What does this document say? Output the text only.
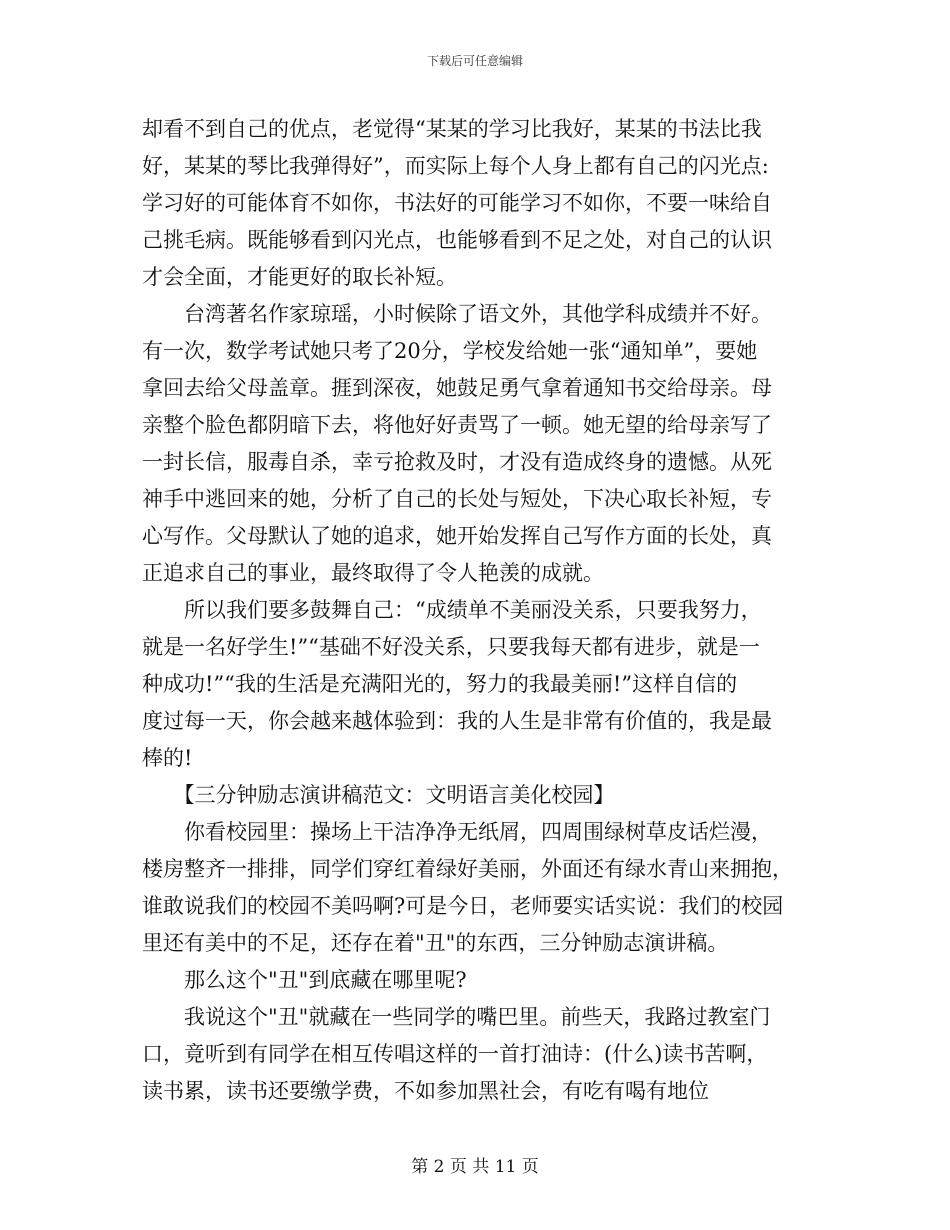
下载后可任意编辑
却看不到自己的优点，老觉得“某某的学习比我好，某某的书法比我
好，某某的琴比我弹得好”，而实际上每个人身上都有自己的闪光点:
学习好的可能体育不如你，书法好的可能学习不如你，不要一味给自
己挑毛病。既能够看到闪光点，也能够看到不足之处，对自己的认识
才会全面，才能更好的取长补短。
　　台湾著名作家琼瑶，小时候除了语文外，其他学科成绩并不好。
有一次，数学考试她只考了20分，学校发给她一张“通知单”，要她
拿回去给父母盖章。捱到深夜，她鼓足勇气拿着通知书交给母亲。母
亲整个脸色都阴暗下去，将他好好责骂了一顿。她无望的给母亲写了
一封长信，服毒自杀，幸亏抢救及时，才没有造成终身的遗憾。从死
神手中逃回来的她，分析了自己的长处与短处，下决心取长补短，专
心写作。父母默认了她的追求，她开始发挥自己写作方面的长处，真
正追求自己的事业，最终取得了令人艳羡的成就。
　　所以我们要多鼓舞自己：“成绩单不美丽没关系，只要我努力，
就是一名好学生!”“基础不好没关系，只要我每天都有进步，就是一
种成功!”“我的生活是充满阳光的，努力的我最美丽!”这样自信的
度过每一天，你会越来越体验到：我的人生是非常有价值的，我是最
棒的!
　　【三分钟励志演讲稿范文：文明语言美化校园】
　　你看校园里：操场上干洁净净无纸屑，四周围绿树草皮话烂漫，
楼房整齐一排排，同学们穿红着绿好美丽，外面还有绿水青山来拥抱，
谁敢说我们的校园不美吗啊?可是今日，老师要实话实说：我们的校园
里还有美中的不足，还存在着"丑"的东西，三分钟励志演讲稿。
　　那么这个"丑"到底藏在哪里呢?
　　我说这个"丑"就藏在一些同学的嘴巴里。前些天，我路过教室门
口，竟听到有同学在相互传唱这样的一首打油诗：(什么)读书苦啊，
读书累，读书还要缴学费，不如参加黑社会，有吃有喝有地位
第 2 页 共 11 页
